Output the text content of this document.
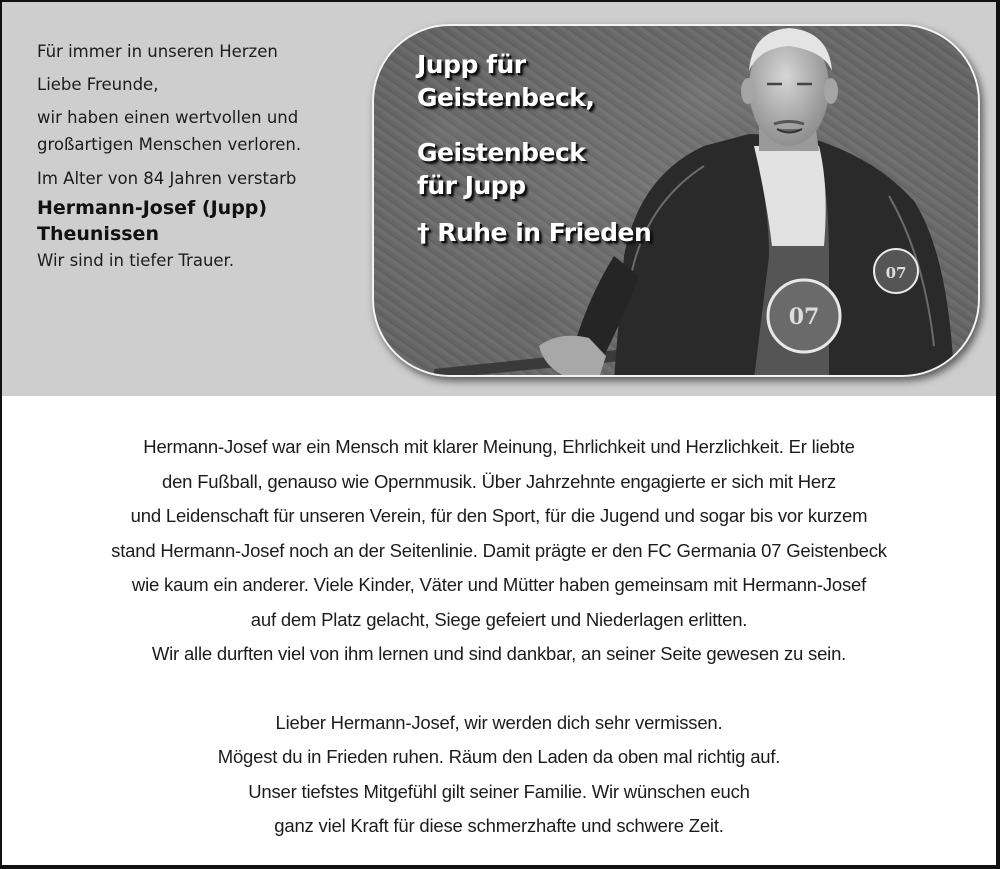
Für immer in unseren Herzen
Liebe Freunde,
wir haben einen wertvollen und
großartigen Menschen verloren.
Im Alter von 84 Jahren verstarb
Hermann-Josef (Jupp)
Theunissen
Wir sind in tiefer Trauer.
07
07
Jupp für
Geistenbeck,
Geistenbeck
für Jupp
† Ruhe in Frieden
Hermann-Josef war ein Mensch mit klarer Meinung, Ehrlichkeit und Herzlichkeit. Er liebte
den Fußball, genauso wie Opernmusik. Über Jahrzehnte engagierte er sich mit Herz
und Leidenschaft für unseren Verein, für den Sport, für die Jugend und sogar bis vor kurzem
stand Hermann-Josef noch an der Seitenlinie. Damit prägte er den FC Germania 07 Geistenbeck
wie kaum ein anderer. Viele Kinder, Väter und Mütter haben gemeinsam mit Hermann-Josef
auf dem Platz gelacht, Siege gefeiert und Niederlagen erlitten.
Wir alle durften viel von ihm lernen und sind dankbar, an seiner Seite gewesen zu sein.
Lieber Hermann-Josef, wir werden dich sehr vermissen.
Mögest du in Frieden ruhen. Räum den Laden da oben mal richtig auf.
Unser tiefstes Mitgefühl gilt seiner Familie. Wir wünschen euch
ganz viel Kraft für diese schmerzhafte und schwere Zeit.
